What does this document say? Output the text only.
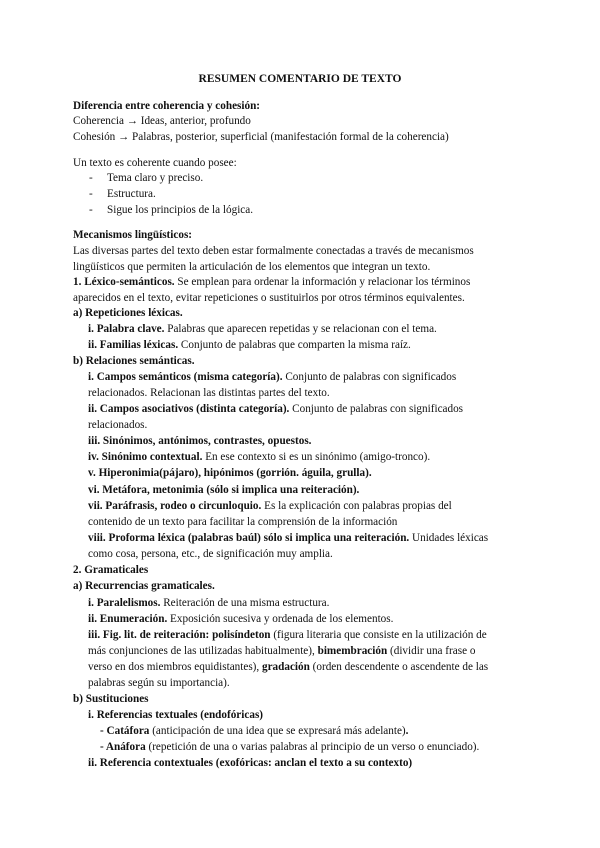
RESUMEN COMENTARIO DE TEXTO
Diferencia entre coherencia y cohesión:
Coherencia → Ideas, anterior, profundo
Cohesión → Palabras, posterior, superficial (manifestación formal de la coherencia)
Un texto es coherente cuando posee:
- Tema claro y preciso.
- Estructura.
- Sigue los principios de la lógica.
Mecanismos lingüísticos:
Las diversas partes del texto deben estar formalmente conectadas a través de mecanismos
lingüísticos que permiten la articulación de los elementos que integran un texto.
1. Léxico-semánticos. Se emplean para ordenar la información y relacionar los términos
aparecidos en el texto, evitar repeticiones o sustituirlos por otros términos equivalentes.
a) Repeticiones léxicas.
i. Palabra clave. Palabras que aparecen repetidas y se relacionan con el tema.
ii. Familias léxicas. Conjunto de palabras que comparten la misma raíz.
b) Relaciones semánticas.
i. Campos semánticos (misma categoría). Conjunto de palabras con significados
relacionados. Relacionan las distintas partes del texto.
ii. Campos asociativos (distinta categoría). Conjunto de palabras con significados
relacionados.
iii. Sinónimos, antónimos, contrastes, opuestos.
iv. Sinónimo contextual. En ese contexto si es un sinónimo (amigo-tronco).
v. Hiperonimia(pájaro), hipónimos (gorrión. águila, grulla).
vi. Metáfora, metonimia (sólo si implica una reiteración).
vii. Paráfrasis, rodeo o circunloquio. Es la explicación con palabras propias del
contenido de un texto para facilitar la comprensión de la información
viii. Proforma léxica (palabras baúl) sólo si implica una reiteración. Unidades léxicas
como cosa, persona, etc., de significación muy amplia.
2. Gramaticales
a) Recurrencias gramaticales.
i. Paralelismos. Reiteración de una misma estructura.
ii. Enumeración. Exposición sucesiva y ordenada de los elementos.
iii. Fig. lit. de reiteración: polisíndeton (figura literaria que consiste en la utilización de
más conjunciones de las utilizadas habitualmente), bimembración (dividir una frase o
verso en dos miembros equidistantes), gradación (orden descendente o ascendente de las
palabras según su importancia).
b) Sustituciones
i. Referencias textuales (endofóricas)
- Catáfora (anticipación de una idea que se expresará más adelante).
- Anáfora (repetición de una o varias palabras al principio de un verso o enunciado).
ii. Referencia contextuales (exofóricas: anclan el texto a su contexto)
